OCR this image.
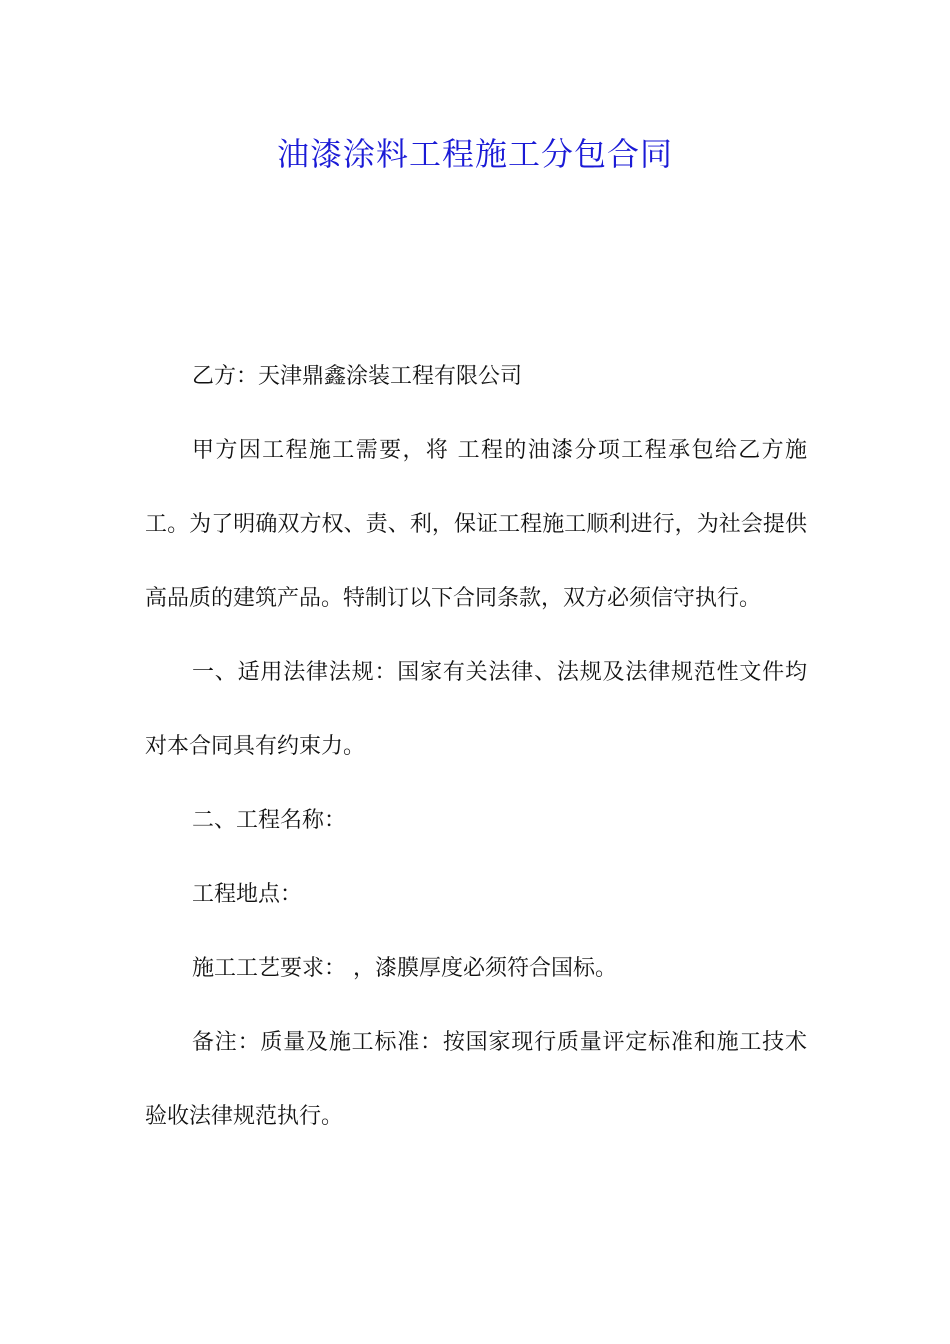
油漆涂料工程施工分包合同

乙方：天津鼎鑫涂装工程有限公司

甲方因工程施工需要，将 工程的油漆分项工程承包给乙方施工。为了明确双方权、责、利，保证工程施工顺利进行，为社会提供高品质的建筑产品。特制订以下合同条款，双方必须信守执行。

一、适用法律法规：国家有关法律、法规及法律规范性文件均对本合同具有约束力。

二、工程名称：

工程地点：

施工工艺要求： ，漆膜厚度必须符合国标。

备注：质量及施工标准：按国家现行质量评定标准和施工技术验收法律规范执行。
